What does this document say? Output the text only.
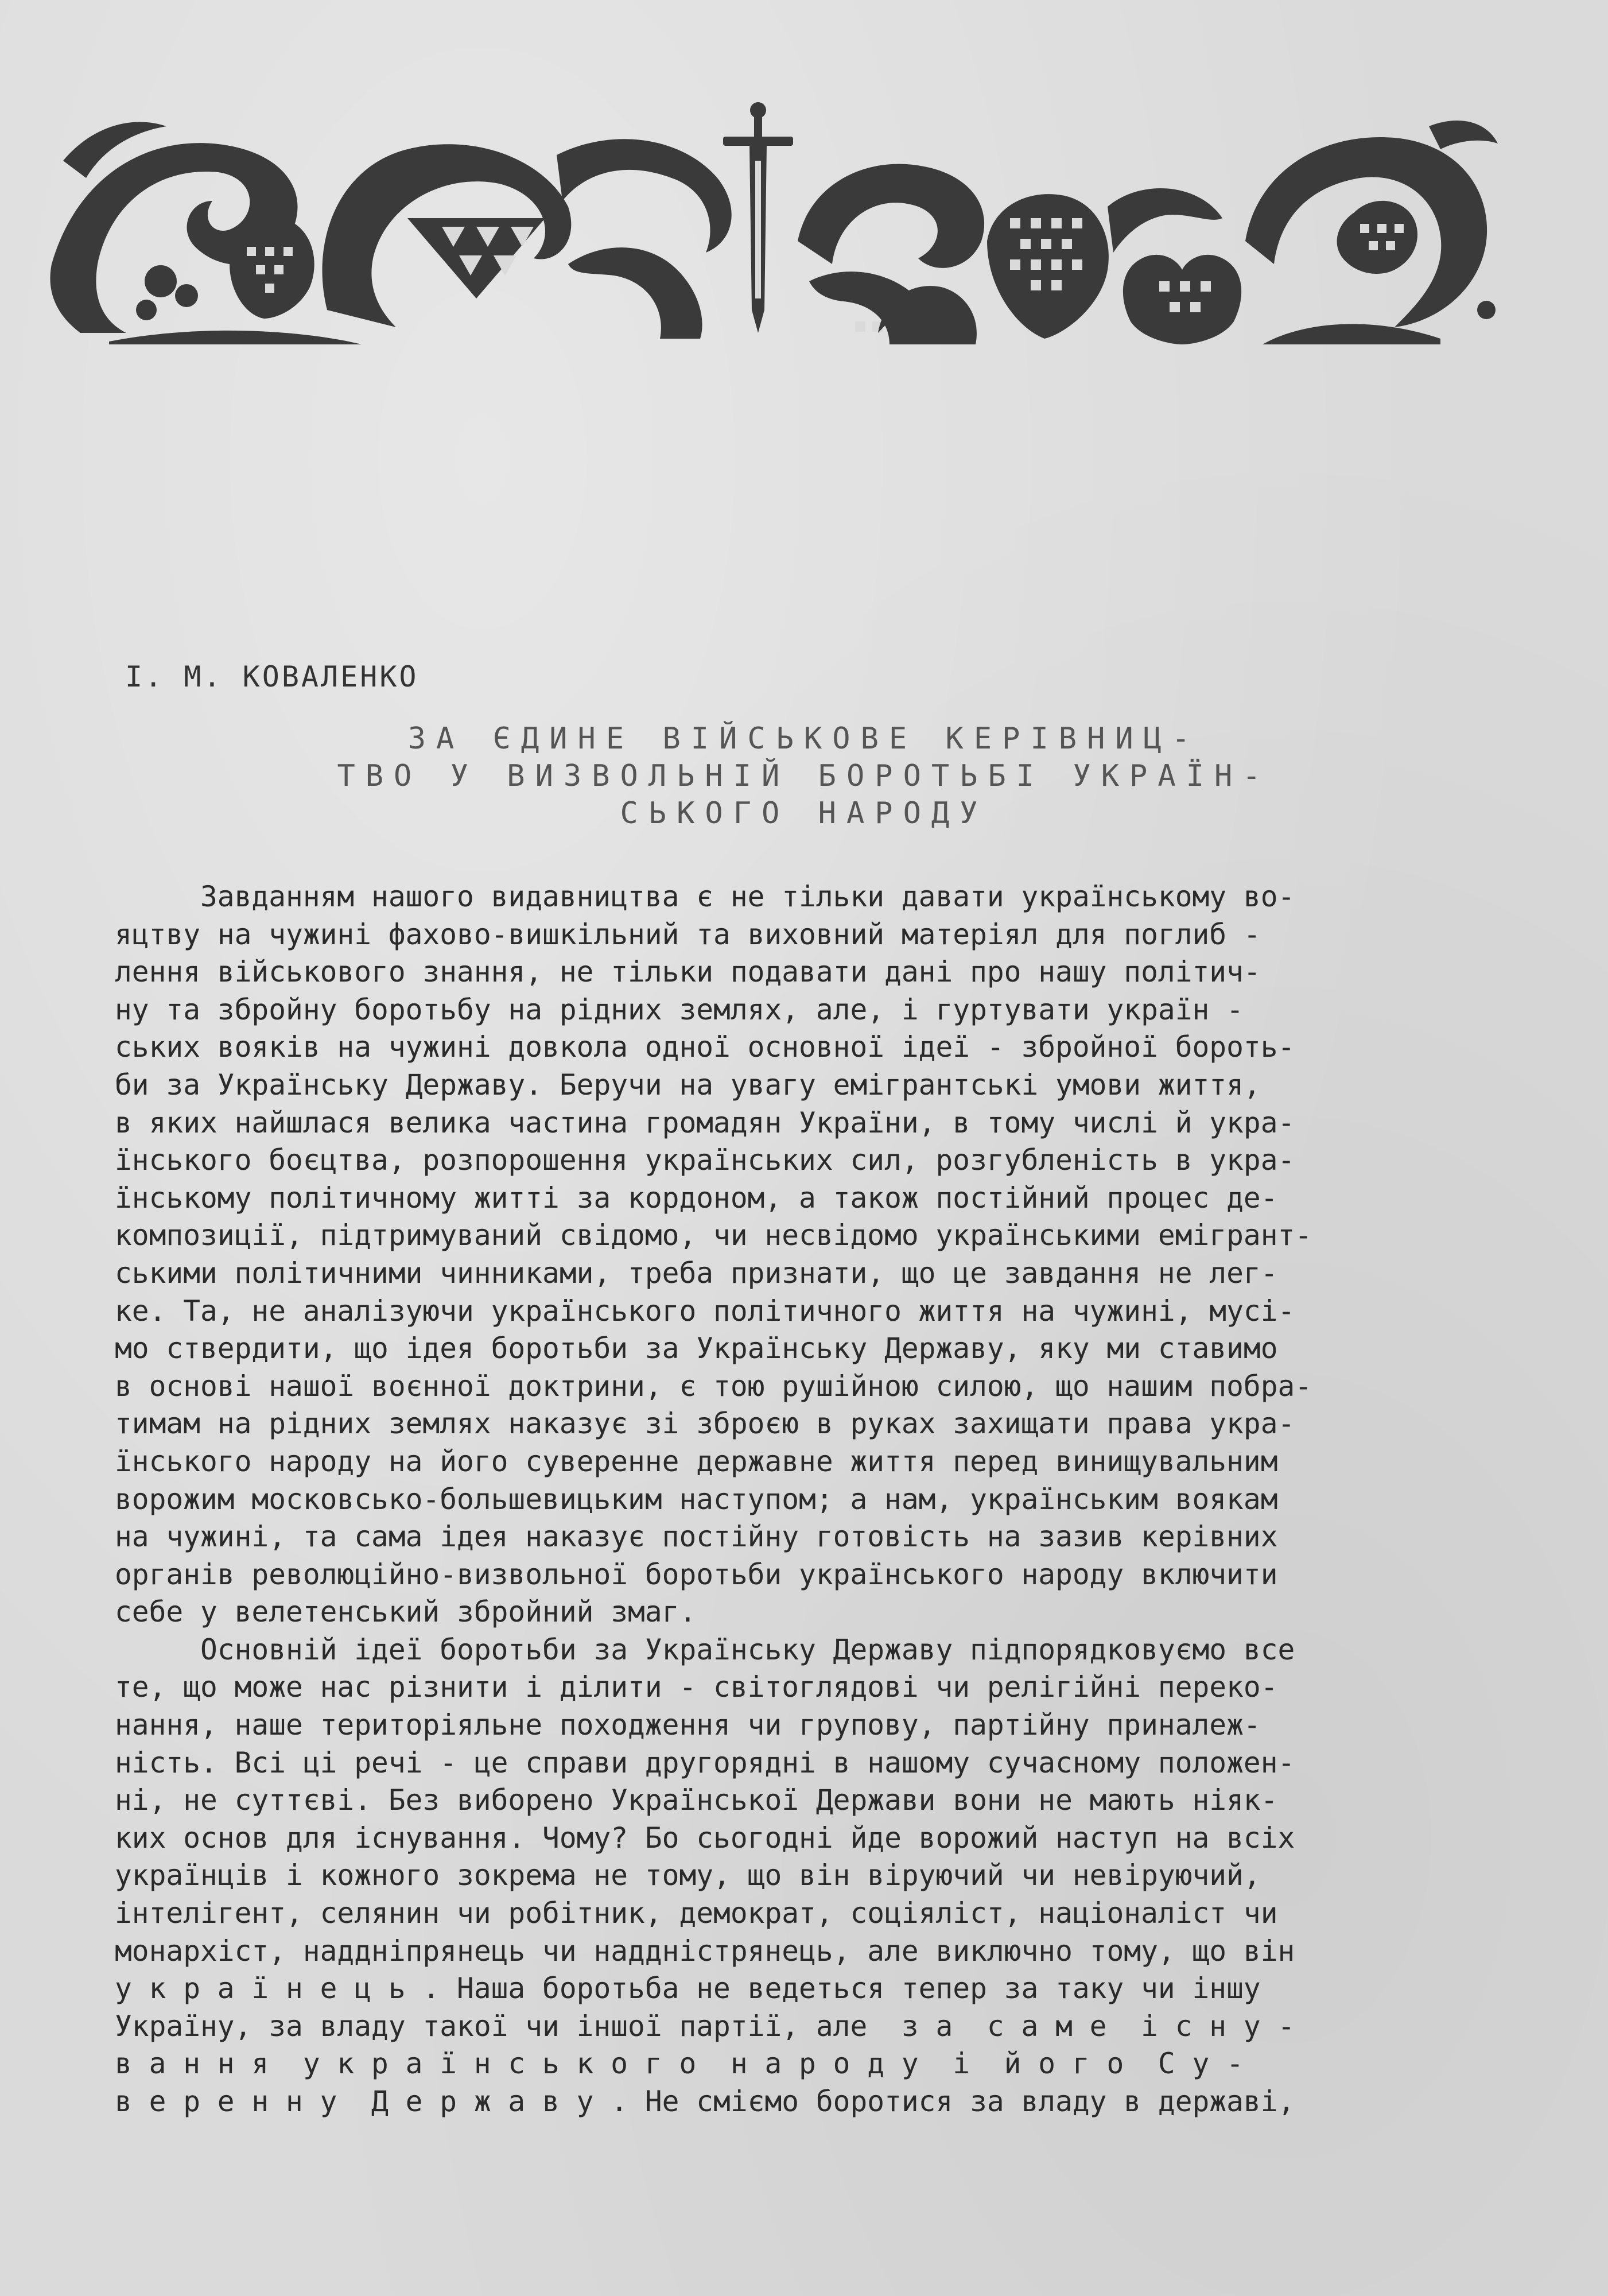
І. М. КОВАЛЕНКО
ЗА ЄДИНЕ ВІЙСЬКОВЕ КЕРІВНИЦ-
ТВО У ВИЗВОЛЬНІЙ БОРОТЬБІ УКРАЇН-
СЬКОГО НАРОДУ
Завданням нашого видавництва є не тільки давати українському во-
яцтву на чужині фахово-вишкільний та виховний матеріял для поглиб -
лення військового знання, не тільки подавати дані про нашу політич-
ну та збройну боротьбу на рідних землях, але, і гуртувати україн -
ських вояків на чужині довкола одної основної ідеї - збройної бороть-
би за Українську Державу. Беручи на увагу емігрантські умови життя,
в яких найшлася велика частина громадян України, в тому числі й укра-
їнського боєцтва, розпорошення українських сил, розгубленість в укра-
їнському політичному житті за кордоном, а також постійний процес де-
композиції, підтримуваний свідомо, чи несвідомо українськими емігрант-
ськими політичними чинниками, треба признати, що це завдання не лег-
ке. Та, не аналізуючи українського політичного життя на чужині, мусі-
мо ствердити, що ідея боротьби за Українську Державу, яку ми ставимо
в основі нашої воєнної доктрини, є тою рушійною силою, що нашим побра-
тимам на рідних землях наказує зі зброєю в руках захищати права укра-
їнського народу на його суверенне державне життя перед винищувальним
ворожим московсько-большевицьким наступом; а нам, українським воякам
на чужині, та сама ідея наказує постійну готовість на зазив керівних
органів революційно-визвольної боротьби українського народу включити
себе у велетенський збройний змаг.
Основній ідеї боротьби за Українську Державу підпорядковуємо все
те, що може нас різнити і ділити - світоглядові чи релігійні переко-
нання, наше територіяльне походження чи групову, партійну приналеж-
ність. Всі ці речі - це справи другорядні в нашому сучасному положен-
ні, не суттєві. Без виборено Української Держави вони не мають ніяк-
ких основ для існування. Чому? Бо сьогодні йде ворожий наступ на всіх
українців і кожного зокрема не тому, що він віруючий чи невіруючий,
інтелігент, селянин чи робітник, демократ, соціяліст, націоналіст чи
монархіст, наддніпрянець чи наддністрянець, але виключно тому, що він
у к р а ї н е ц ь . Наша боротьба не ведеться тепер за таку чи іншу
Україну, за владу такої чи іншої партії, але  з а  с а м е  і с н у -
в а н н я  у к р а ї н с ь к о г о  н а р о д у  і  й о г о  С у -
в е р е н н у  Д е р ж а в у . Не сміємо боротися за владу в державі,
